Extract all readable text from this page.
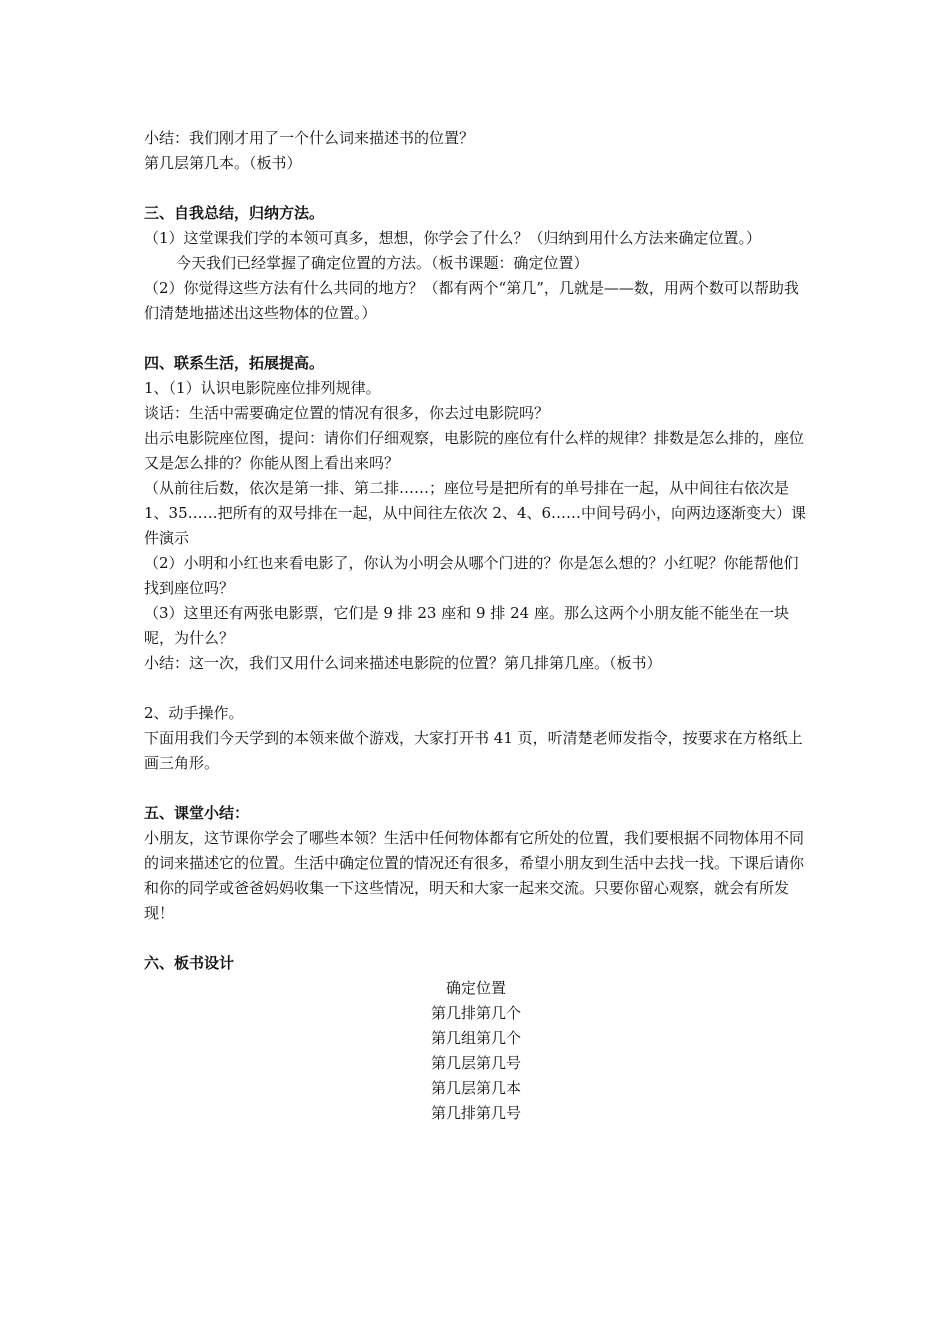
小结：我们刚才用了一个什么词来描述书的位置？
第几层第几本。（板书）
三、自我总结，归纳方法。
（1）这堂课我们学的本领可真多，想想，你学会了什么？（归纳到用什么方法来确定位置。）
今天我们已经掌握了确定位置的方法。（板书课题：确定位置）
（2）你觉得这些方法有什么共同的地方？（都有两个“第几”，几就是——数，用两个数可以帮助我们清楚地描述出这些物体的位置。）
四、联系生活，拓展提高。
1、（1）认识电影院座位排列规律。
谈话：生活中需要确定位置的情况有很多，你去过电影院吗？
出示电影院座位图，提问：请你们仔细观察，电影院的座位有什么样的规律？排数是怎么排的，座位又是怎么排的？你能从图上看出来吗？
（从前往后数，依次是第一排、第二排……；座位号是把所有的单号排在一起，从中间往右依次是 1、35……把所有的双号排在一起，从中间往左依次 2、4、6……中间号码小，向两边逐渐变大）课件演示
（2）小明和小红也来看电影了，你认为小明会从哪个门进的？你是怎么想的？小红呢？你能帮他们找到座位吗？
（3）这里还有两张电影票，它们是 9 排 23 座和 9 排 24 座。那么这两个小朋友能不能坐在一块呢，为什么？
小结：这一次，我们又用什么词来描述电影院的位置？第几排第几座。（板书）
2、动手操作。
下面用我们今天学到的本领来做个游戏，大家打开书 41 页，听清楚老师发指令，按要求在方格纸上画三角形。
五、课堂小结：
小朋友，这节课你学会了哪些本领？生活中任何物体都有它所处的位置，我们要根据不同物体用不同的词来描述它的位置。生活中确定位置的情况还有很多，希望小朋友到生活中去找一找。下课后请你和你的同学或爸爸妈妈收集一下这些情况，明天和大家一起来交流。只要你留心观察，就会有所发现！
六、板书设计
确定位置
第几排第几个
第几组第几个
第几层第几号
第几层第几本
第几排第几号
